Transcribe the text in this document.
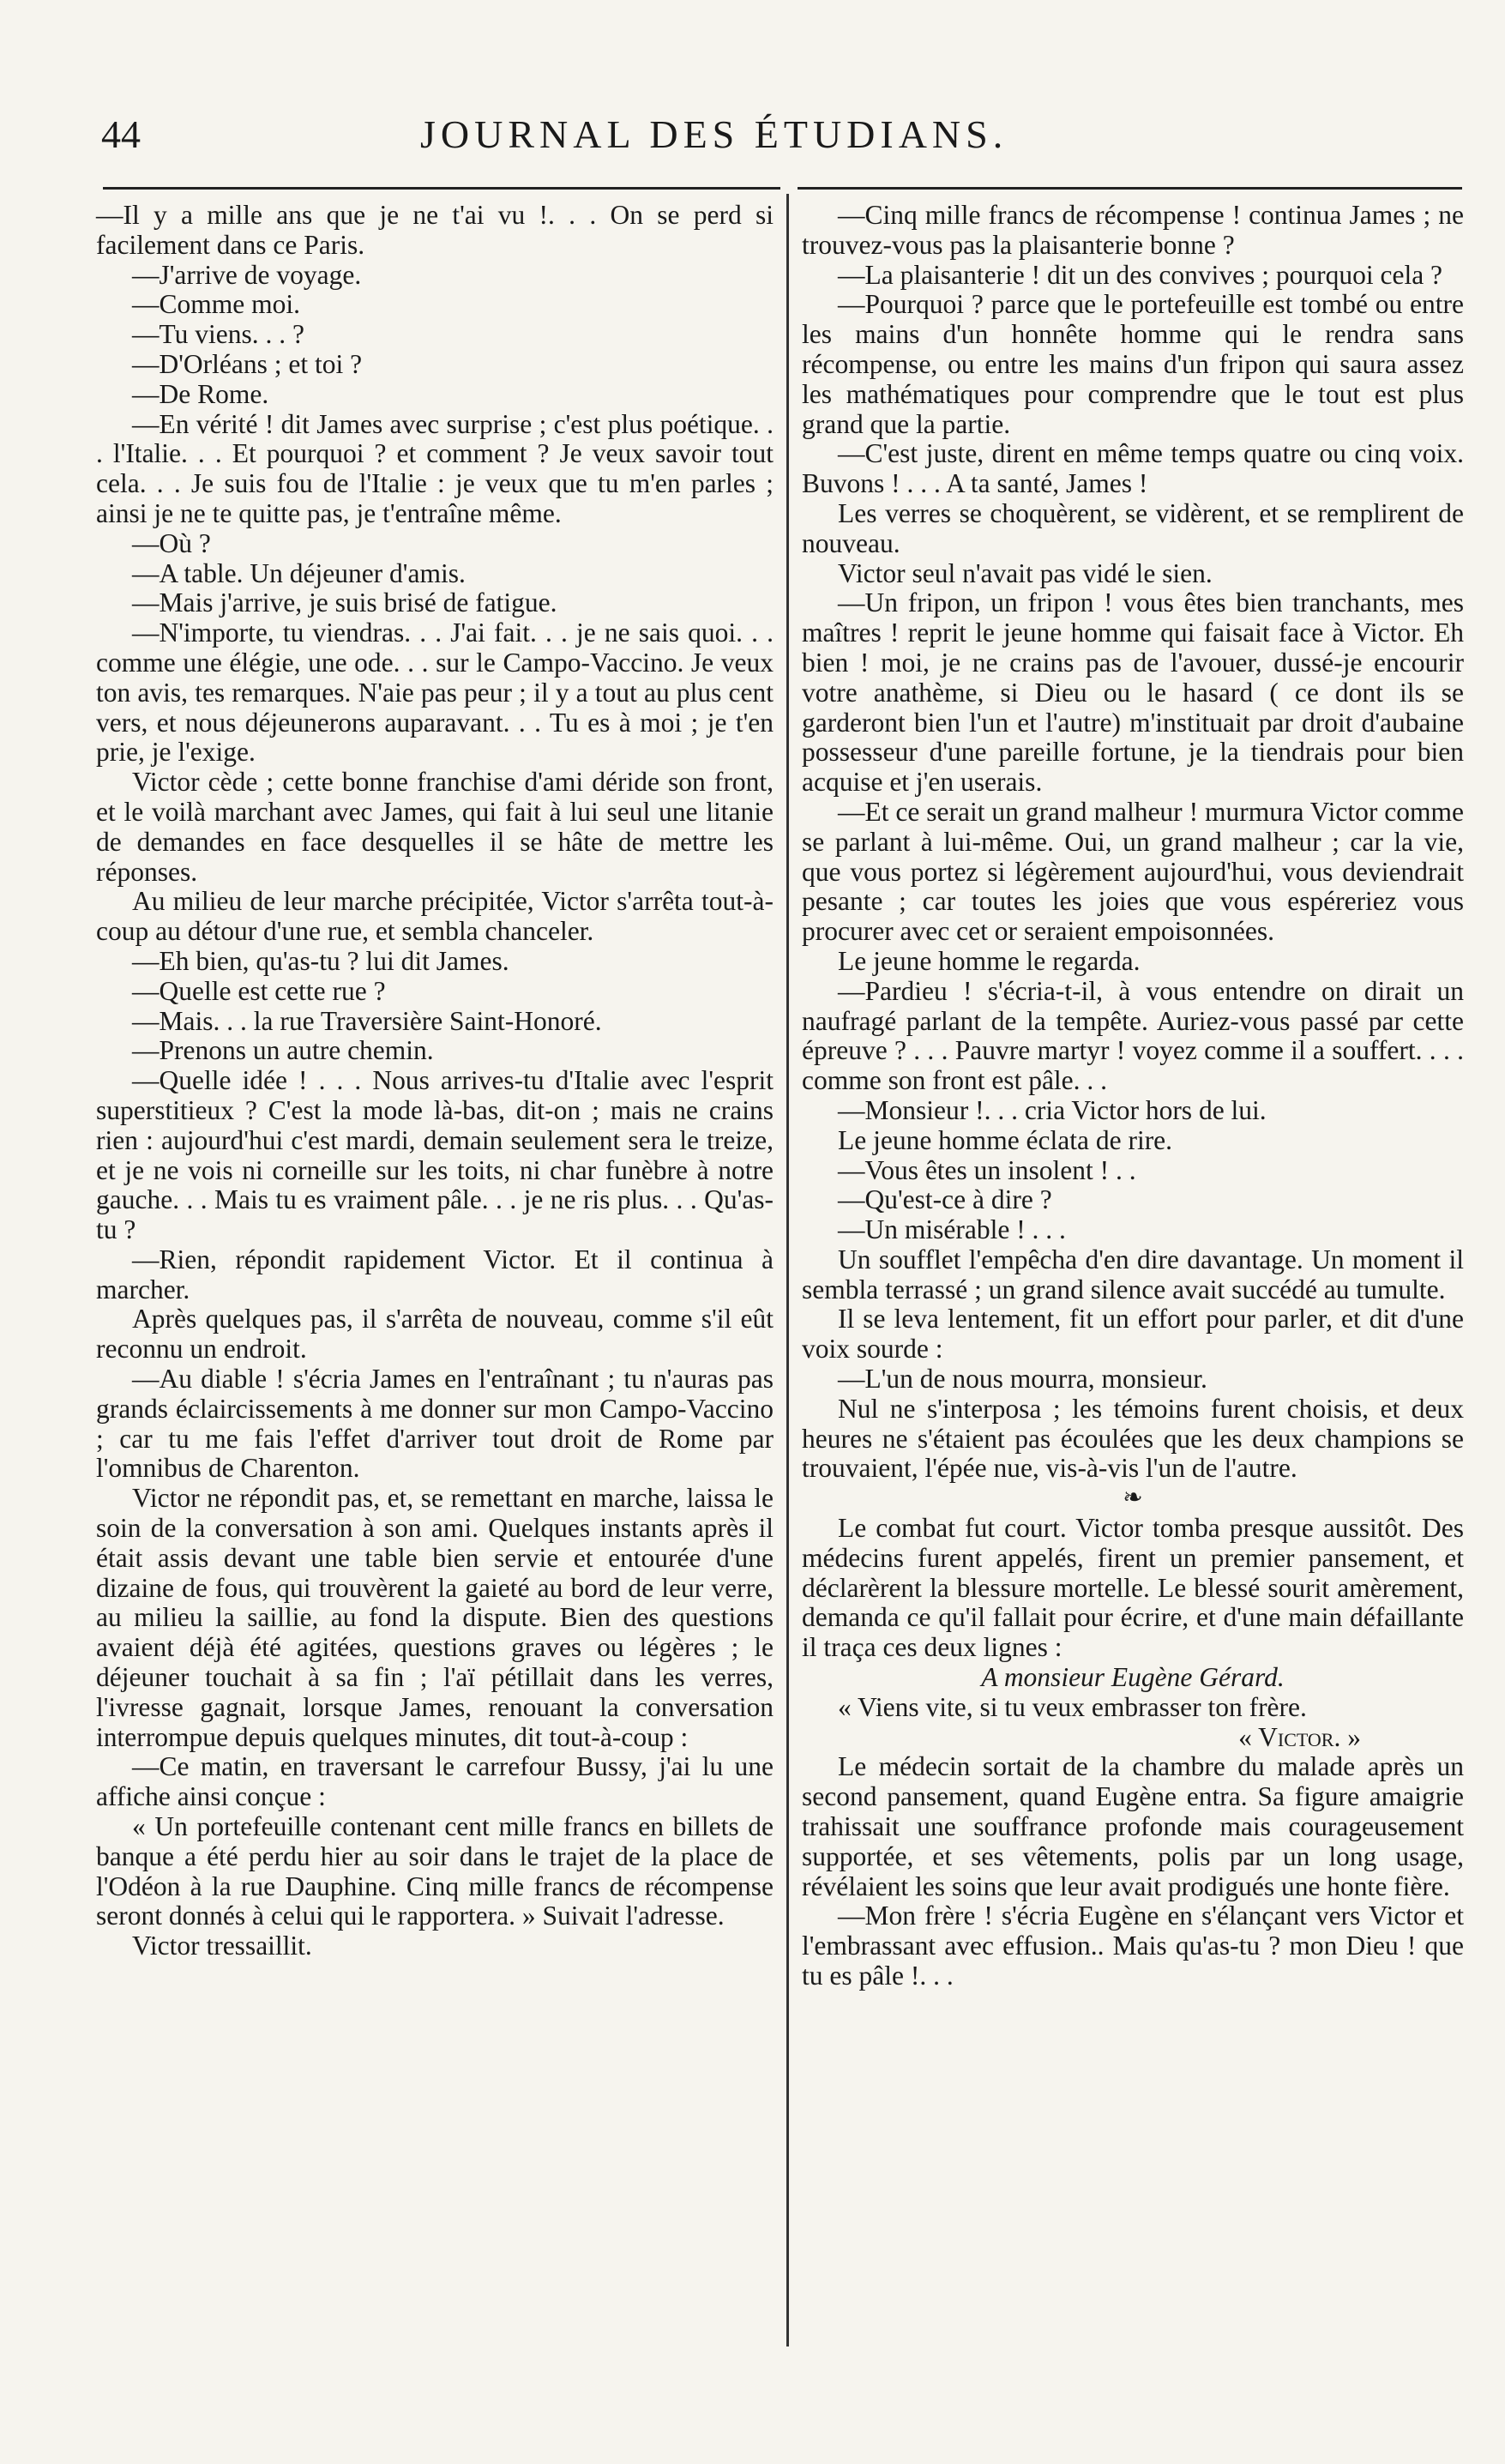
44	JOURNAL DES ÉTUDIANS.

—Il y a mille ans que je ne t'ai vu !. . . On se perd si facilement dans ce Paris.

—J'arrive de voyage.

—Comme moi.

—Tu viens. . . ?

—D'Orléans ; et toi ?

—De Rome.

—En vérité ! dit James avec surprise ; c'est plus poétique. . . l'Italie. . . Et pourquoi ? et comment ? Je veux savoir tout cela. . . Je suis fou de l'Italie : je veux que tu m'en parles ; ainsi je ne te quitte pas, je t'entraîne même.

—Où ?

—A table. Un déjeuner d'amis.

—Mais j'arrive, je suis brisé de fatigue.

—N'importe, tu viendras. . . J'ai fait. . . je ne sais quoi. . . comme une élégie, une ode. . . sur le Campo-Vaccino. Je veux ton avis, tes remarques. N'aie pas peur ; il y a tout au plus cent vers, et nous déjeunerons auparavant. . . Tu es à moi ; je t'en prie, je l'exige.

Victor cède ; cette bonne franchise d'ami déride son front, et le voilà marchant avec James, qui fait à lui seul une litanie de demandes en face desquelles il se hâte de mettre les réponses.

Au milieu de leur marche précipitée, Victor s'arrêta tout-à-coup au détour d'une rue, et sembla chanceler.

—Eh bien, qu'as-tu ? lui dit James.

—Quelle est cette rue ?

—Mais. . . la rue Traversière Saint-Honoré.

—Prenons un autre chemin.

—Quelle idée ! . . . Nous arrives-tu d'Italie avec l'esprit superstitieux ? C'est la mode là-bas, dit-on ; mais ne crains rien : aujourd'hui c'est mardi, demain seulement sera le treize, et je ne vois ni corneille sur les toits, ni char funèbre à notre gauche. . . Mais tu es vraiment pâle. . . je ne ris plus. . . Qu'as-tu ?

—Rien, répondit rapidement Victor. Et il continua à marcher.

Après quelques pas, il s'arrêta de nouveau, comme s'il eût reconnu un endroit.

—Au diable ! s'écria James en l'entraînant ; tu n'auras pas grands éclaircissements à me donner sur mon Campo-Vaccino ; car tu me fais l'effet d'arriver tout droit de Rome par l'omnibus de Charenton.

Victor ne répondit pas, et, se remettant en marche, laissa le soin de la conversation à son ami. Quelques instants après il était assis devant une table bien servie et entourée d'une dizaine de fous, qui trouvèrent la gaieté au bord de leur verre, au milieu la saillie, au fond la dispute. Bien des questions avaient déjà été agitées, questions graves ou légères ; le déjeuner touchait à sa fin ; l'aï pétillait dans les verres, l'ivresse gagnait, lorsque James, renouant la conversation interrompue depuis quelques minutes, dit tout-à-coup :

—Ce matin, en traversant le carrefour Bussy, j'ai lu une affiche ainsi conçue :

« Un portefeuille contenant cent mille francs en billets de banque a été perdu hier au soir dans le trajet de la place de l'Odéon à la rue Dauphine. Cinq mille francs de récompense seront donnés à celui qui le rapportera. » Suivait l'adresse.

Victor tressaillit.

—Cinq mille francs de récompense ! continua James ; ne trouvez-vous pas la plaisanterie bonne ?

—La plaisanterie ! dit un des convives ; pourquoi cela ?

—Pourquoi ? parce que le portefeuille est tombé ou entre les mains d'un honnête homme qui le rendra sans récompense, ou entre les mains d'un fripon qui saura assez les mathématiques pour comprendre que le tout est plus grand que la partie.

—C'est juste, dirent en même temps quatre ou cinq voix. Buvons ! . . . A ta santé, James !

Les verres se choquèrent, se vidèrent, et se remplirent de nouveau.

Victor seul n'avait pas vidé le sien.

—Un fripon, un fripon ! vous êtes bien tranchants, mes maîtres ! reprit le jeune homme qui faisait face à Victor. Eh bien ! moi, je ne crains pas de l'avouer, dussé-je encourir votre anathème, si Dieu ou le hasard ( ce dont ils se garderont bien l'un et l'autre) m'instituait par droit d'aubaine possesseur d'une pareille fortune, je la tiendrais pour bien acquise et j'en userais.

—Et ce serait un grand malheur ! murmura Victor comme se parlant à lui-même. Oui, un grand malheur ; car la vie, que vous portez si légèrement aujourd'hui, vous deviendrait pesante ; car toutes les joies que vous espéreriez vous procurer avec cet or seraient empoisonnées.

Le jeune homme le regarda.

—Pardieu ! s'écria-t-il, à vous entendre on dirait un naufragé parlant de la tempête. Auriez-vous passé par cette épreuve ? . . . Pauvre martyr ! voyez comme il a souffert. . . . comme son front est pâle. . .

—Monsieur !. . . cria Victor hors de lui.

Le jeune homme éclata de rire.

—Vous êtes un insolent ! . .

—Qu'est-ce à dire ?

—Un misérable ! . . .

Un soufflet l'empêcha d'en dire davantage. Un moment il sembla terrassé ; un grand silence avait succédé au tumulte.

Il se leva lentement, fit un effort pour parler, et dit d'une voix sourde :

—L'un de nous mourra, monsieur.

Nul ne s'interposa ; les témoins furent choisis, et deux heures ne s'étaient pas écoulées que les deux champions se trouvaient, l'épée nue, vis-à-vis l'un de l'autre.

❧

Le combat fut court. Victor tomba presque aussitôt. Des médecins furent appelés, firent un premier pansement, et déclarèrent la blessure mortelle. Le blessé sourit amèrement, demanda ce qu'il fallait pour écrire, et d'une main défaillante il traça ces deux lignes :

A monsieur Eugène Gérard.

« Viens vite, si tu veux embrasser ton frère.

« Victor. »

Le médecin sortait de la chambre du malade après un second pansement, quand Eugène entra. Sa figure amaigrie trahissait une souffrance profonde mais courageusement supportée, et ses vêtements, polis par un long usage, révélaient les soins que leur avait prodigués une honte fière.

—Mon frère ! s'écria Eugène en s'élançant vers Victor et l'embrassant avec effusion.. Mais qu'as-tu ? mon Dieu ! que tu es pâle !. . .
